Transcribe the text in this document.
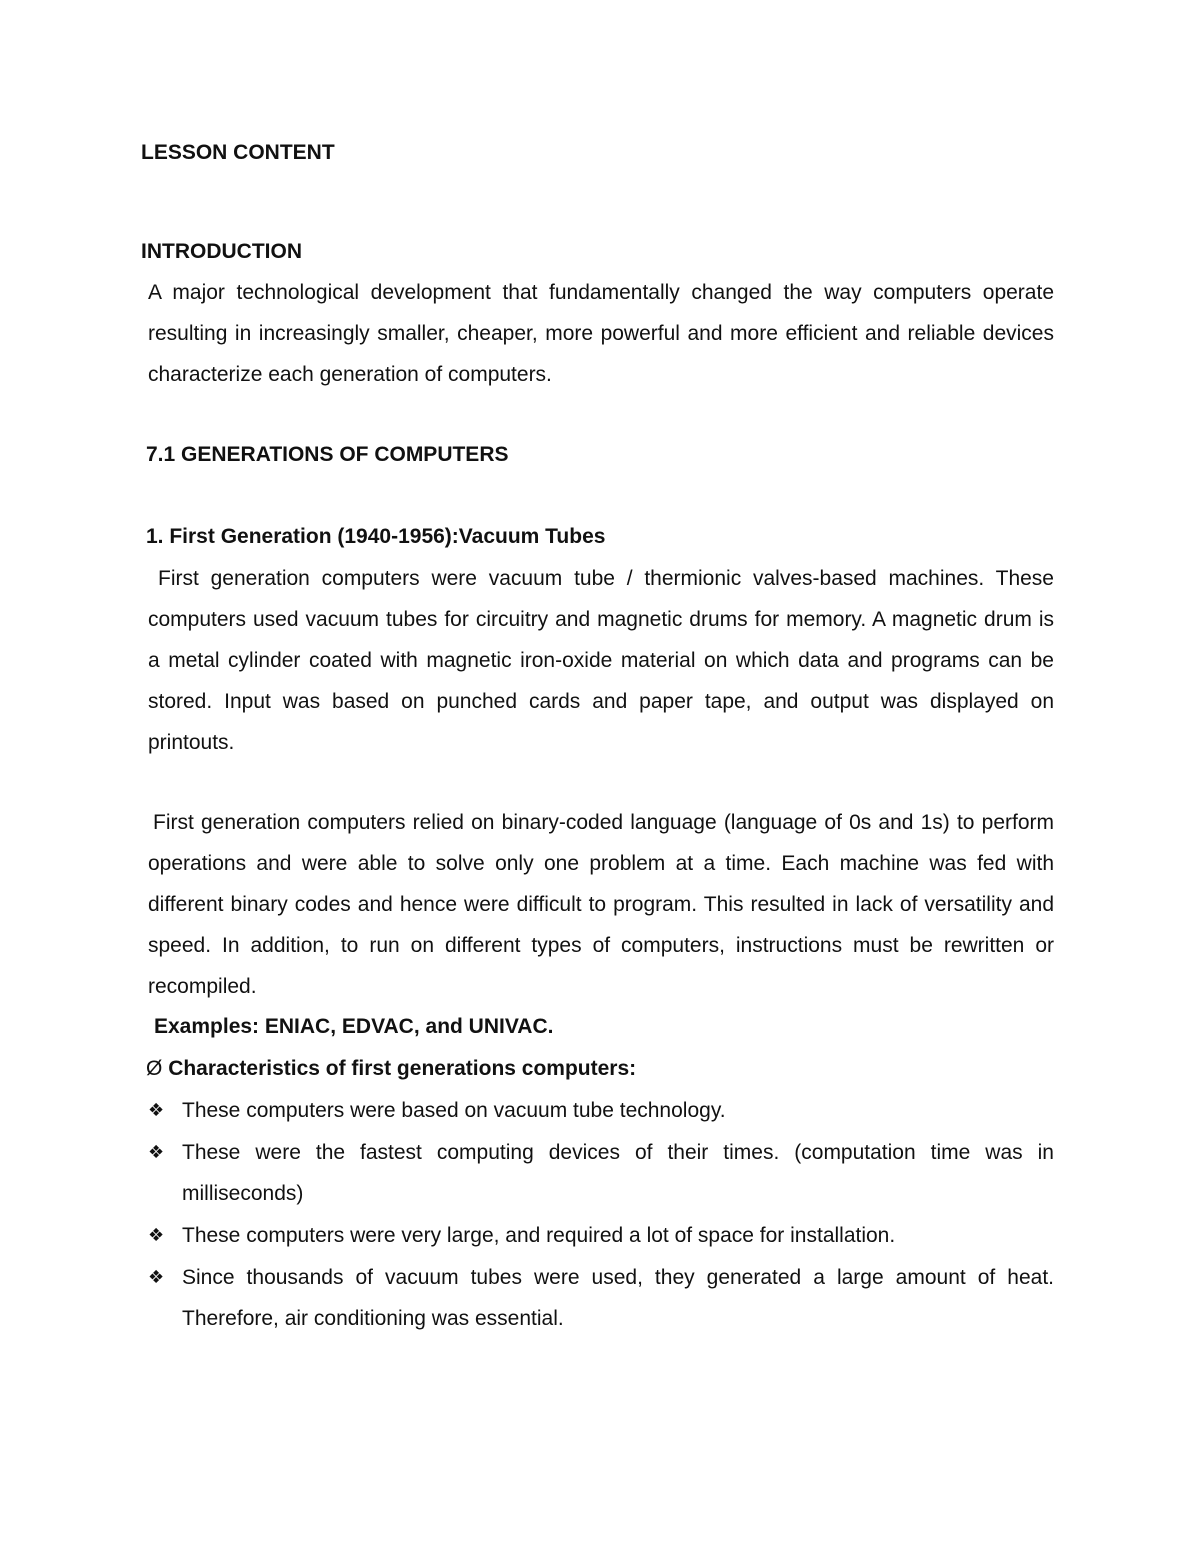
LESSON CONTENT
INTRODUCTION

A major technological development that fundamentally changed the way computers operate resulting in increasingly smaller, cheaper, more powerful and more efficient and reliable devices characterize each generation of computers.

7.1 GENERATIONS OF COMPUTERS
1. First Generation (1940-1956):Vacuum Tubes

First generation computers were vacuum tube / thermionic valves-based machines. These computers used vacuum tubes for circuitry and magnetic drums for memory. A magnetic drum is a metal cylinder coated with magnetic iron-oxide material on which data and programs can be stored. Input was based on punched cards and paper tape, and output was displayed on printouts.

First generation computers relied on binary-coded language (language of 0s and 1s) to perform operations and were able to solve only one problem at a time. Each machine was fed with different binary codes and hence were difficult to program. This resulted in lack of versatility and speed. In addition, to run on different types of computers, instructions must be rewritten or recompiled.

Examples: ENIAC, EDVAC, and UNIVAC.
Ø Characteristics of first generations computers:
❖ These computers were based on vacuum tube technology.
❖ These were the fastest computing devices of their times. (computation time was in milliseconds)
❖ These computers were very large, and required a lot of space for installation.
❖ Since thousands of vacuum tubes were used, they generated a large amount of heat. Therefore, air conditioning was essential.
